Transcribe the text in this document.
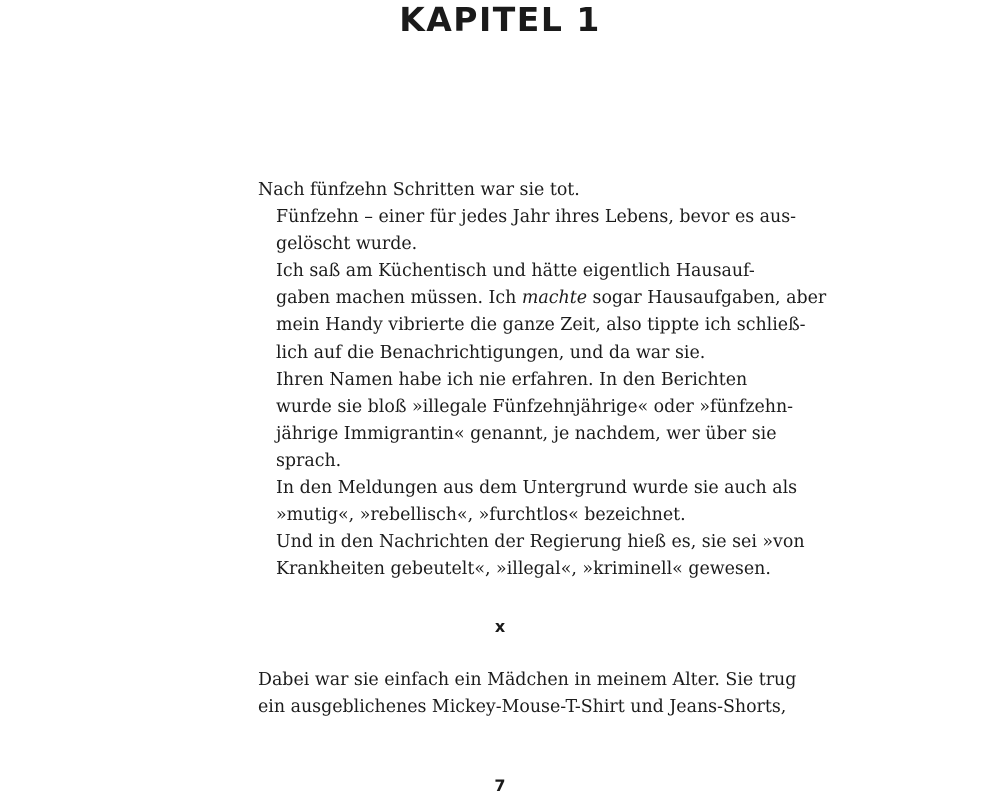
KAPITEL 1

Nach fünfzehn Schritten war sie tot.

Fünfzehn – einer für jedes Jahr ihres Lebens, bevor es aus-
gelöscht wurde.

Ich saß am Küchentisch und hätte eigentlich Hausauf-
gaben machen müssen. Ich machte sogar Hausaufgaben, aber
mein Handy vibrierte die ganze Zeit, also tippte ich schließ-
lich auf die Benachrichtigungen, und da war sie.

Ihren Namen habe ich nie erfahren. In den Berichten
wurde sie bloß »illegale Fünfzehnjährige« oder »fünfzehn-
jährige Immigrantin« genannt, je nachdem, wer über sie
sprach.

In den Meldungen aus dem Untergrund wurde sie auch als
»mutig«, »rebellisch«, »furchtlos« bezeichnet.

Und in den Nachrichten der Regierung hieß es, sie sei »von
Krankheiten gebeutelt«, »illegal«, »kriminell« gewesen.

x

Dabei war sie einfach ein Mädchen in meinem Alter. Sie trug
ein ausgeblichenes Mickey-Mouse-T-Shirt und Jeans-Shorts,

7
